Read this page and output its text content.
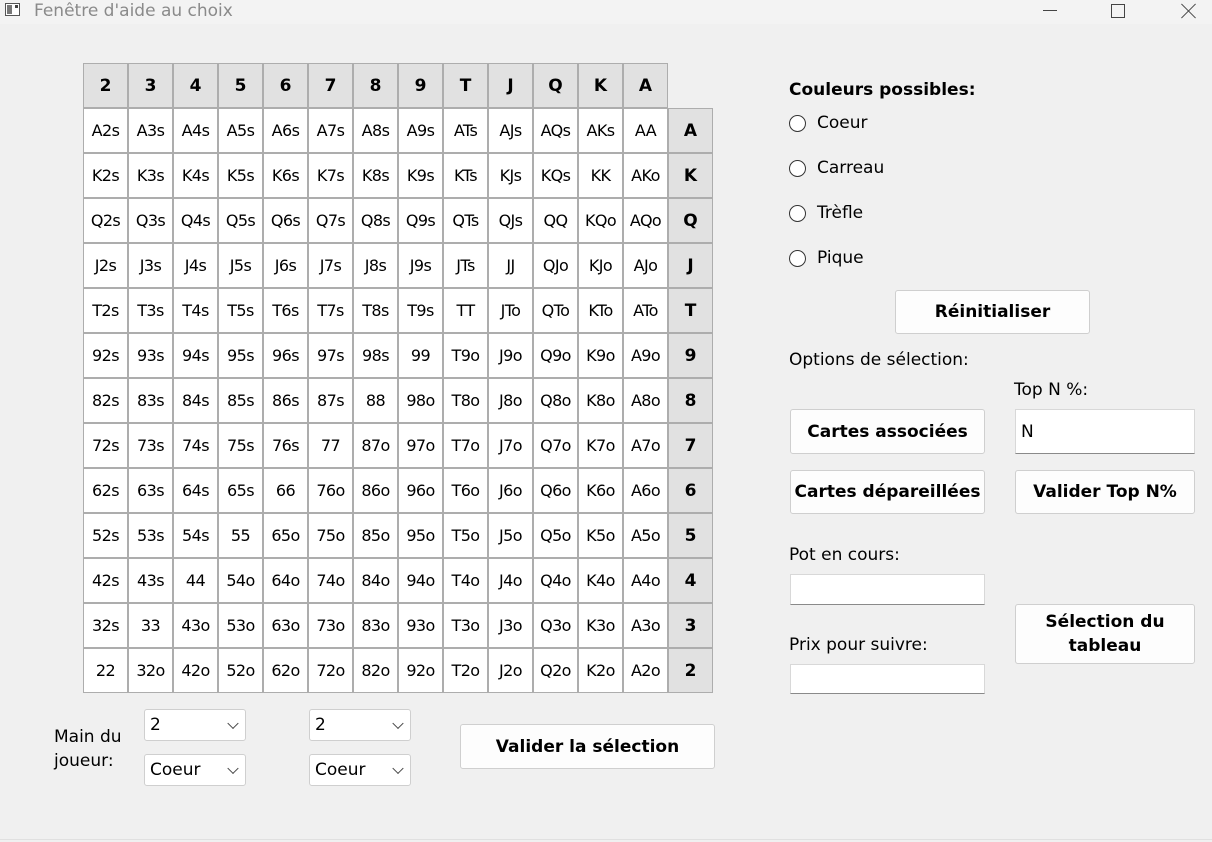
Fenêtre d'aide au choix
2	3	4	5	6	7	8	9	T	J	Q	K	A
A2s	A3s	A4s	A5s	A6s	A7s	A8s	A9s	ATs	AJs	AQs	AKs	AA	A
K2s	K3s	K4s	K5s	K6s	K7s	K8s	K9s	KTs	KJs	KQs	KK	AKo	K
Q2s Q3s Q4s Q5s Q6s Q7s Q8s Q9s	QTs	QJs	QQ	KQo AQo	Q
J2s	J3s	J4s	J5s	J6s	J7s	J8s	J9s	JTs	JJ	QJo	KJo	AJo	J
T2s	T3s	T4s	T5s	T6s	T7s	T8s	T9s	TT	JTo	QTo	KTo	ATo	T
92s	93s	94s	95s	96s	97s	98s	99	T9o	J9o	Q9o K9o	A9o	9
82s	83s	84s	85s	86s	87s	88	98o	T8o	J8o	Q8o K8o	A8o	8
72s	73s	74s	75s	76s	77	87o	97o	T7o	J7o	Q7o K7o	A7o	7
62s	63s	64s	65s	66	76o	86o	96o	T6o	J6o	Q6o K6o	A6o	6
52s	53s	54s	55	65o	75o	85o	95o	T5o	J5o	Q5o K5o	A5o	5
42s	43s	44	54o	64o	74o	84o	94o	T4o	J4o	Q4o K4o	A4o	4
32s	33	43o	53o	63o	73o	83o	93o	T3o	J3o	Q3o K3o	A3o	3
22	32o	42o	52o	62o	72o	82o	92o	T2o	J2o	Q2o K2o	A2o	2
Main du
joueur:
2
Coeur
2
Coeur
Valider la sélection
Couleurs possibles:
Coeur
Carreau
Trèfle
Pique
Réinitialiser
Options de sélection:
Top N %:
Cartes associées	N
Cartes dépareillées	Valider Top N%
Pot en cours:
Sélection du
tableau
Prix pour suivre:
